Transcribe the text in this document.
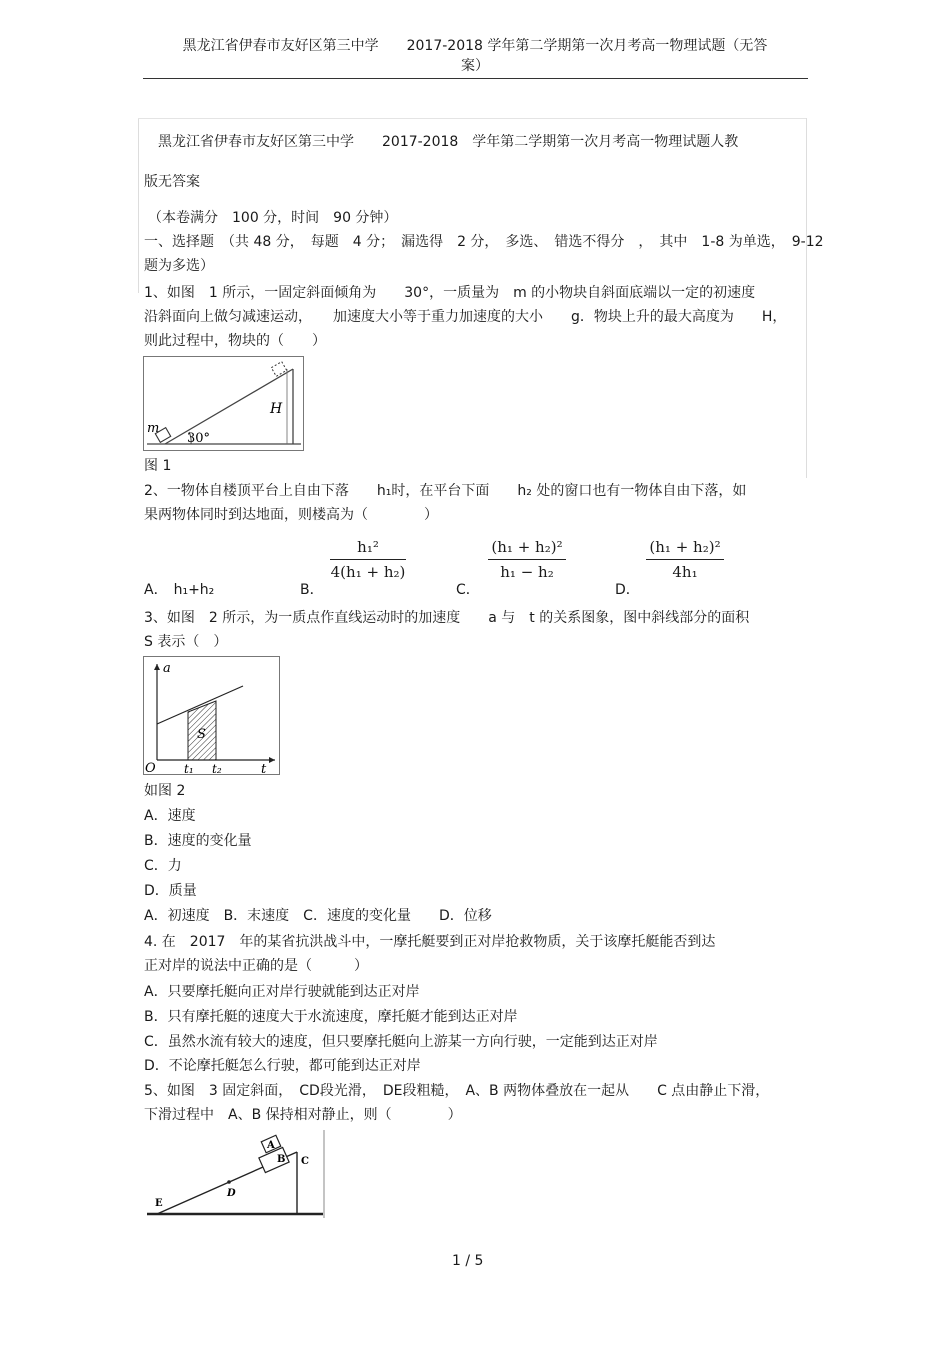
黑龙江省伊春市友好区第三中学　　2017-2018 学年第二学期第一次月考高一物理试题（无答
案）
黑龙江省伊春市友好区第三中学　　2017-2018　学年第二学期第一次月考高一物理试题人教
版无答案
（本卷满分　100 分，时间　90 分钟）
一、选择题　（共 48 分，　每题　4 分；　漏选得　2 分，　多选、　错选不得分　，　其中　1-8 为单选，　9-12
题为多选）
1、如图　1 所示，一固定斜面倾角为　　30°，一质量为　m 的小物块自斜面底端以一定的初速度
沿斜面向上做匀减速运动，　　加速度大小等于重力加速度的大小　　g．物块上升的最大高度为　　H，
则此过程中，物块的（　　）
m
30°
H
图 1
2、一物体自楼顶平台上自由下落　　h₁时，在平台下面　　h₂ 处的窗口也有一物体自由下落，如
果两物体同时到达地面，则楼高为（　　　　）
A． h₁+h₂	B．
h₁²
4(h₁ + h₂)
C．
(h₁ + h₂)²
h₁ − h₂
D．
(h₁ + h₂)²
4h₁
3、如图　2 所示，为一质点作直线运动时的加速度　　a 与　t 的关系图象，图中斜线部分的面积
S 表示（　）
a
O t₁ t₂	t
S
如图 2
A．速度
B．速度的变化量
C．力
D．质量
A．初速度　B．末速度　C．速度的变化量　　D．位移
4. 在　2017　年的某省抗洪战斗中，一摩托艇要到正对岸抢救物质，关于该摩托艇能否到达
正对岸的说法中正确的是（　　　）
A．只要摩托艇向正对岸行驶就能到达正对岸
B．只有摩托艇的速度大于水流速度，摩托艇才能到达正对岸
C．虽然水流有较大的速度，但只要摩托艇向上游某一方向行驶，一定能到达正对岸
D．不论摩托艇怎么行驶，都可能到达正对岸
5、如图　3 固定斜面，　CD段光滑，　DE段粗糙，　A、B 两物体叠放在一起从　　C 点由静止下滑，
下滑过程中　A、B 保持相对静止，则（　　　　）
A
B C
D
E
1 / 5
